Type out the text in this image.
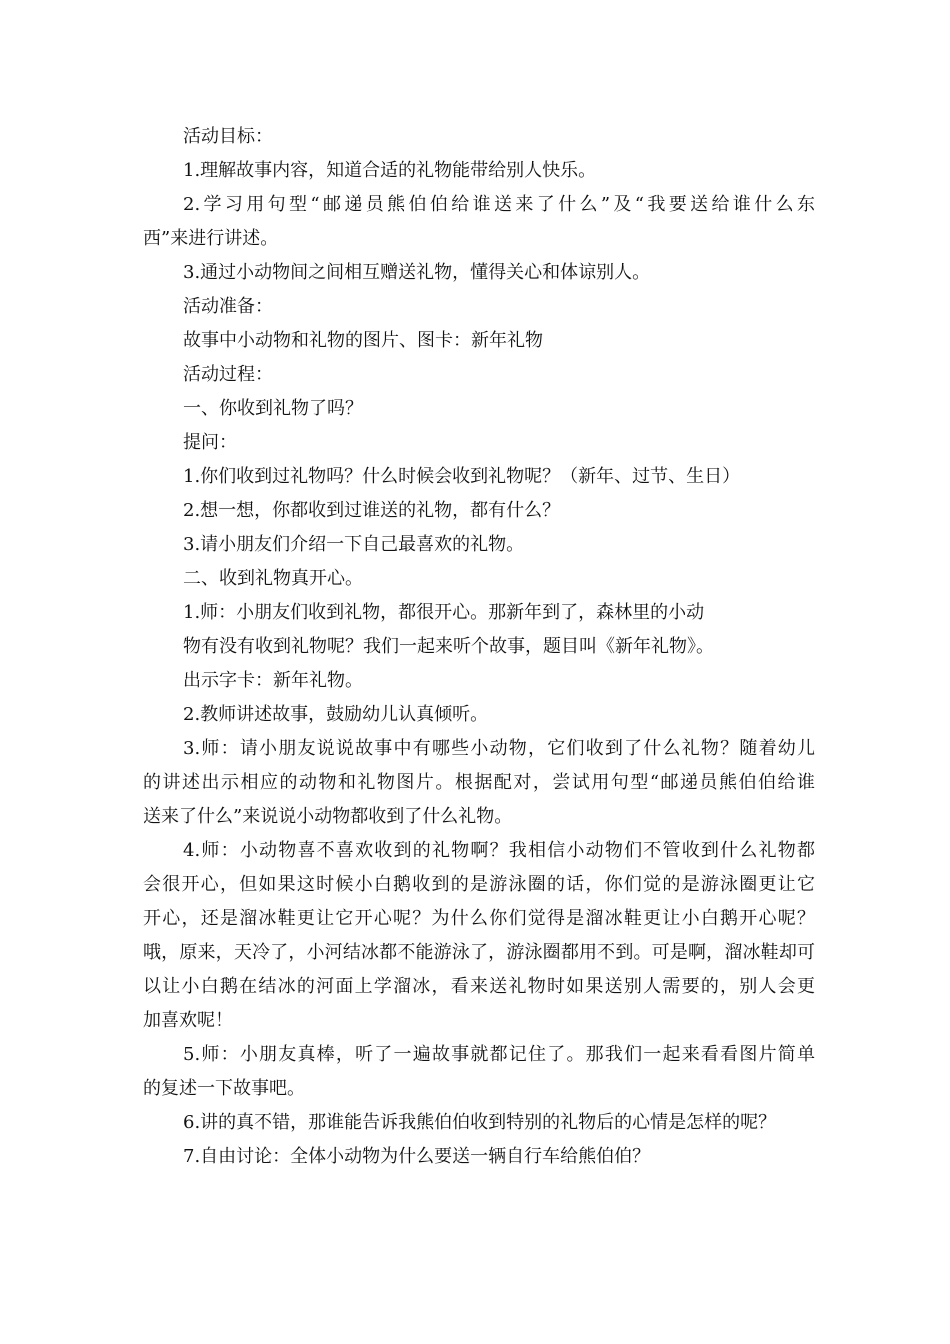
活动目标：
1.理解故事内容，知道合适的礼物能带给别人快乐。
2.学习用句型“邮递员熊伯伯给谁送来了什么”及“我要送给谁什么东
西”来进行讲述。
3.通过小动物间之间相互赠送礼物，懂得关心和体谅别人。
活动准备：
故事中小动物和礼物的图片、图卡：新年礼物
活动过程：
一、你收到礼物了吗？
提问：
1.你们收到过礼物吗？什么时候会收到礼物呢？（新年、过节、生日）
2.想一想，你都收到过谁送的礼物，都有什么？
3.请小朋友们介绍一下自己最喜欢的礼物。
二、收到礼物真开心。
1.师：小朋友们收到礼物，都很开心。那新年到了，森林里的小动
物有没有收到礼物呢？我们一起来听个故事，题目叫《新年礼物》。
出示字卡：新年礼物。
2.教师讲述故事，鼓励幼儿认真倾听。
3.师：请小朋友说说故事中有哪些小动物，它们收到了什么礼物？随着幼儿
的讲述出示相应的动物和礼物图片。根据配对，尝试用句型“邮递员熊伯伯给谁
送来了什么”来说说小动物都收到了什么礼物。
4.师：小动物喜不喜欢收到的礼物啊？我相信小动物们不管收到什么礼物都
会很开心，但如果这时候小白鹅收到的是游泳圈的话，你们觉的是游泳圈更让它
开心，还是溜冰鞋更让它开心呢？为什么你们觉得是溜冰鞋更让小白鹅开心呢？
哦，原来，天冷了，小河结冰都不能游泳了，游泳圈都用不到。可是啊，溜冰鞋却可
以让小白鹅在结冰的河面上学溜冰，看来送礼物时如果送别人需要的，别人会更
加喜欢呢！
5.师：小朋友真棒，听了一遍故事就都记住了。那我们一起来看看图片简单
的复述一下故事吧。
6.讲的真不错，那谁能告诉我熊伯伯收到特别的礼物后的心情是怎样的呢？
7.自由讨论：全体小动物为什么要送一辆自行车给熊伯伯？
